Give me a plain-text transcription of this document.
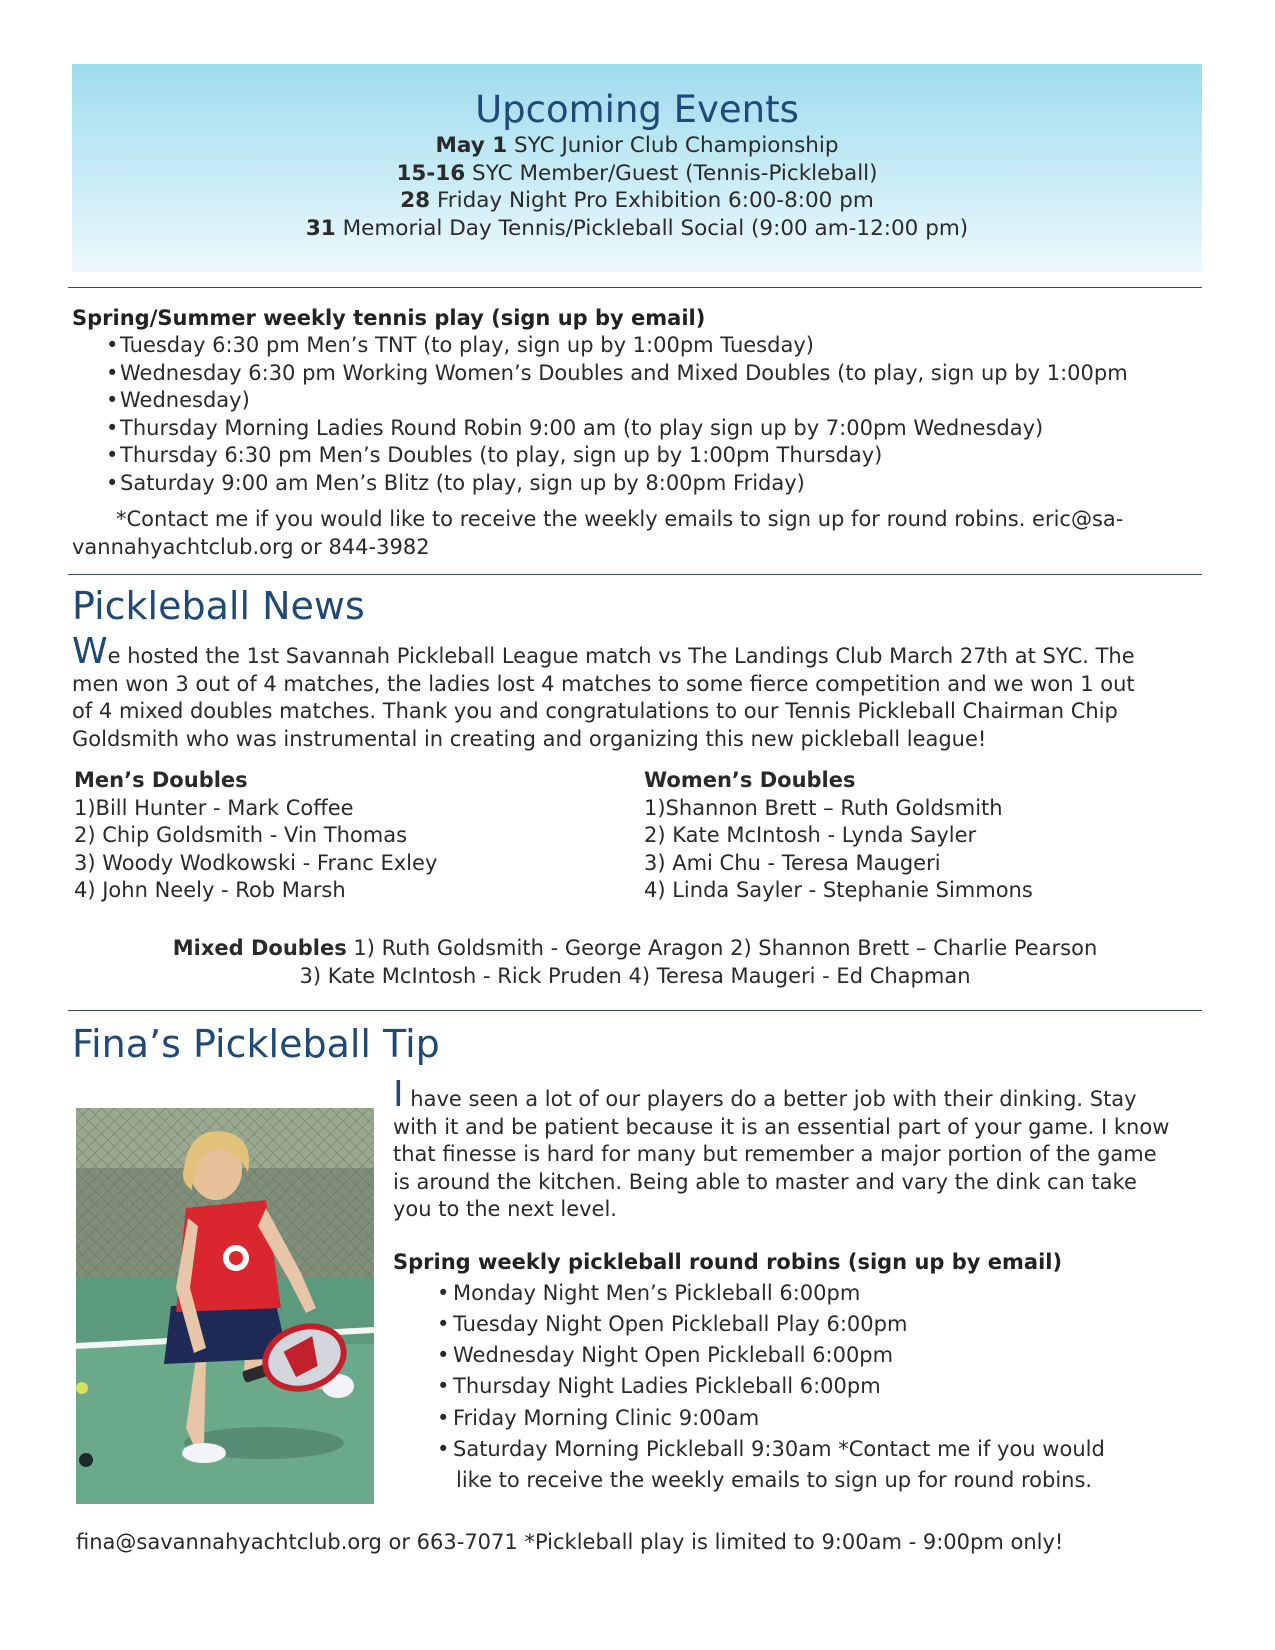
Upcoming Events
May 1 SYC Junior Club Championship
15-16 SYC Member/Guest (Tennis-Pickleball)
28 Friday Night Pro Exhibition 6:00-8:00 pm
31 Memorial Day Tennis/Pickleball Social (9:00 am-12:00 pm)
Spring/Summer weekly tennis play (sign up by email)
• Tuesday 6:30 pm Men’s TNT (to play, sign up by 1:00pm Tuesday)
• Wednesday 6:30 pm Working Women’s Doubles and Mixed Doubles (to play, sign up by 1:00pm
• Wednesday)
• Thursday Morning Ladies Round Robin 9:00 am (to play sign up by 7:00pm Wednesday)
• Thursday 6:30 pm Men’s Doubles (to play, sign up by 1:00pm Thursday)
• Saturday 9:00 am Men’s Blitz (to play, sign up by 8:00pm Friday)
*Contact me if you would like to receive the weekly emails to sign up for round robins. eric@sa-
vannahyachtclub.org or 844-3982
Pickleball News
We hosted the 1st Savannah Pickleball League match vs The Landings Club March 27th at SYC. The
men won 3 out of 4 matches, the ladies lost 4 matches to some fierce competition and we won 1 out
of 4 mixed doubles matches. Thank you and congratulations to our Tennis Pickleball Chairman Chip
Goldsmith who was instrumental in creating and organizing this new pickleball league!
Men’s Doubles
1)Bill Hunter - Mark Coffee
2) Chip Goldsmith - Vin Thomas
3) Woody Wodkowski - Franc Exley
4) John Neely - Rob Marsh
Women’s Doubles
1)Shannon Brett – Ruth Goldsmith
2) Kate McIntosh - Lynda Sayler
3) Ami Chu - Teresa Maugeri
4) Linda Sayler - Stephanie Simmons
Mixed Doubles 1) Ruth Goldsmith - George Aragon 2) Shannon Brett – Charlie Pearson
3) Kate McIntosh - Rick Pruden 4) Teresa Maugeri - Ed Chapman
Fina’s Pickleball Tip
I have seen a lot of our players do a better job with their dinking. Stay
with it and be patient because it is an essential part of your game. I know
that finesse is hard for many but remember a major portion of the game
is around the kitchen. Being able to master and vary the dink can take
you to the next level.
Spring weekly pickleball round robins (sign up by email)
• Monday Night Men’s Pickleball 6:00pm
• Tuesday Night Open Pickleball Play 6:00pm
• Wednesday Night Open Pickleball 6:00pm
• Thursday Night Ladies Pickleball 6:00pm
• Friday Morning Clinic 9:00am
• Saturday Morning Pickleball 9:30am *Contact me if you would
like to receive the weekly emails to sign up for round robins.
fina@savannahyachtclub.org or 663-7071 *Pickleball play is limited to 9:00am - 9:00pm only!
